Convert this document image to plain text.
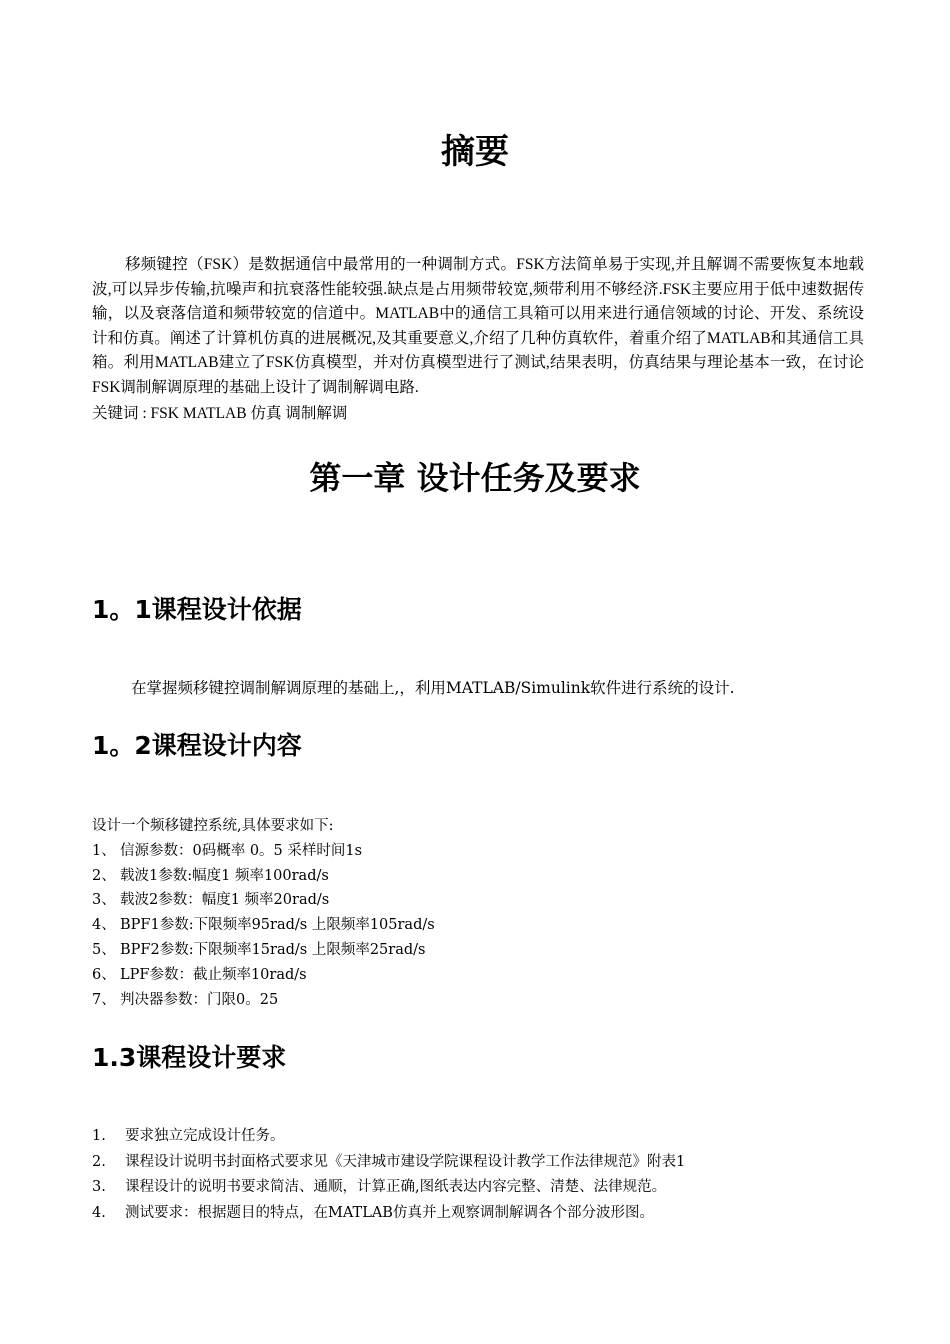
摘要
移频键控（FSK）是数据通信中最常用的一种调制方式。FSK方法简单易于实现,并且解调不需要恢复本地载波,可以异步传输,抗噪声和抗衰落性能较强.缺点是占用频带较宽,频带利用不够经济.FSK主要应用于低中速数据传输，以及衰落信道和频带较宽的信道中。MATLAB中的通信工具箱可以用来进行通信领域的讨论、开发、系统设计和仿真。阐述了计算机仿真的进展概况,及其重要意义,介绍了几种仿真软件，着重介绍了MATLAB和其通信工具箱。利用MATLAB建立了FSK仿真模型，并对仿真模型进行了测试,结果表明，仿真结果与理论基本一致，在讨论FSK调制解调原理的基础上设计了调制解调电路.
关键词 : FSK MATLAB 仿真 调制解调
第一章 设计任务及要求
1。1课程设计依据
在掌握频移键控调制解调原理的基础上,，利用MATLAB/Simulink软件进行系统的设计.
1。2课程设计内容
设计一个频移键控系统,具体要求如下:
1、 信源参数：0码概率 0。5 采样时间1s
2、 载波1参数:幅度1 频率100rad/s
3、 载波2参数：幅度1 频率20rad/s
4、 BPF1参数:下限频率95rad/s 上限频率105rad/s
5、 BPF2参数:下限频率15rad/s 上限频率25rad/s
6、 LPF参数：截止频率10rad/s
7、 判决器参数：门限0。25
1.3课程设计要求
1. 要求独立完成设计任务。
2. 课程设计说明书封面格式要求见《天津城市建设学院课程设计教学工作法律规范》附表1
3. 课程设计的说明书要求简洁、通顺，计算正确,图纸表达内容完整、清楚、法律规范。
4. 测试要求：根据题目的特点，在MATLAB仿真并上观察调制解调各个部分波形图。
